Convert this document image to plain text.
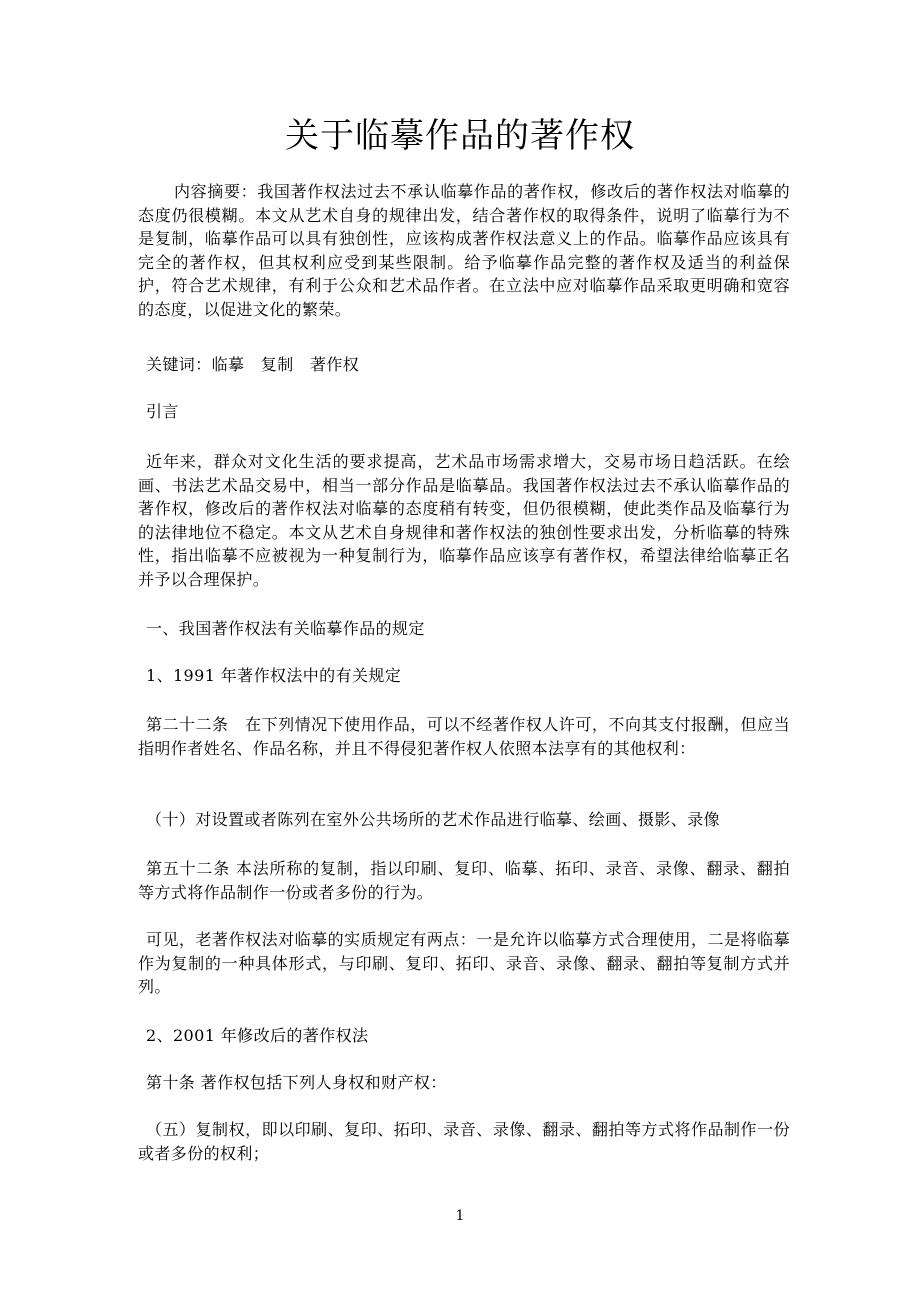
关于临摹作品的著作权

内容摘要：我国著作权法过去不承认临摹作品的著作权，修改后的著作权法对临摹的态度仍很模糊。本文从艺术自身的规律出发，结合著作权的取得条件，说明了临摹行为不是复制，临摹作品可以具有独创性，应该构成著作权法意义上的作品。临摹作品应该具有完全的著作权，但其权利应受到某些限制。给予临摹作品完整的著作权及适当的利益保护，符合艺术规律，有利于公众和艺术品作者。在立法中应对临摹作品采取更明确和宽容的态度，以促进文化的繁荣。

关键词：临摹　复制　著作权

引言

近年来，群众对文化生活的要求提高，艺术品市场需求增大，交易市场日趋活跃。在绘画、书法艺术品交易中，相当一部分作品是临摹品。我国著作权法过去不承认临摹作品的著作权，修改后的著作权法对临摹的态度稍有转变，但仍很模糊，使此类作品及临摹行为的法律地位不稳定。本文从艺术自身规律和著作权法的独创性要求出发，分析临摹的特殊性，指出临摹不应被视为一种复制行为，临摹作品应该享有著作权，希望法律给临摹正名并予以合理保护。

一、我国著作权法有关临摹作品的规定

1、1991 年著作权法中的有关规定

第二十二条　在下列情况下使用作品，可以不经著作权人许可，不向其支付报酬，但应当指明作者姓名、作品名称，并且不得侵犯著作权人依照本法享有的其他权利：

（十）对设置或者陈列在室外公共场所的艺术作品进行临摹、绘画、摄影、录像

第五十二条 本法所称的复制，指以印刷、复印、临摹、拓印、录音、录像、翻录、翻拍等方式将作品制作一份或者多份的行为。

可见，老著作权法对临摹的实质规定有两点：一是允许以临摹方式合理使用，二是将临摹作为复制的一种具体形式，与印刷、复印、拓印、录音、录像、翻录、翻拍等复制方式并列。

2、2001 年修改后的著作权法

第十条 著作权包括下列人身权和财产权：

（五）复制权，即以印刷、复印、拓印、录音、录像、翻录、翻拍等方式将作品制作一份或者多份的权利；

1
